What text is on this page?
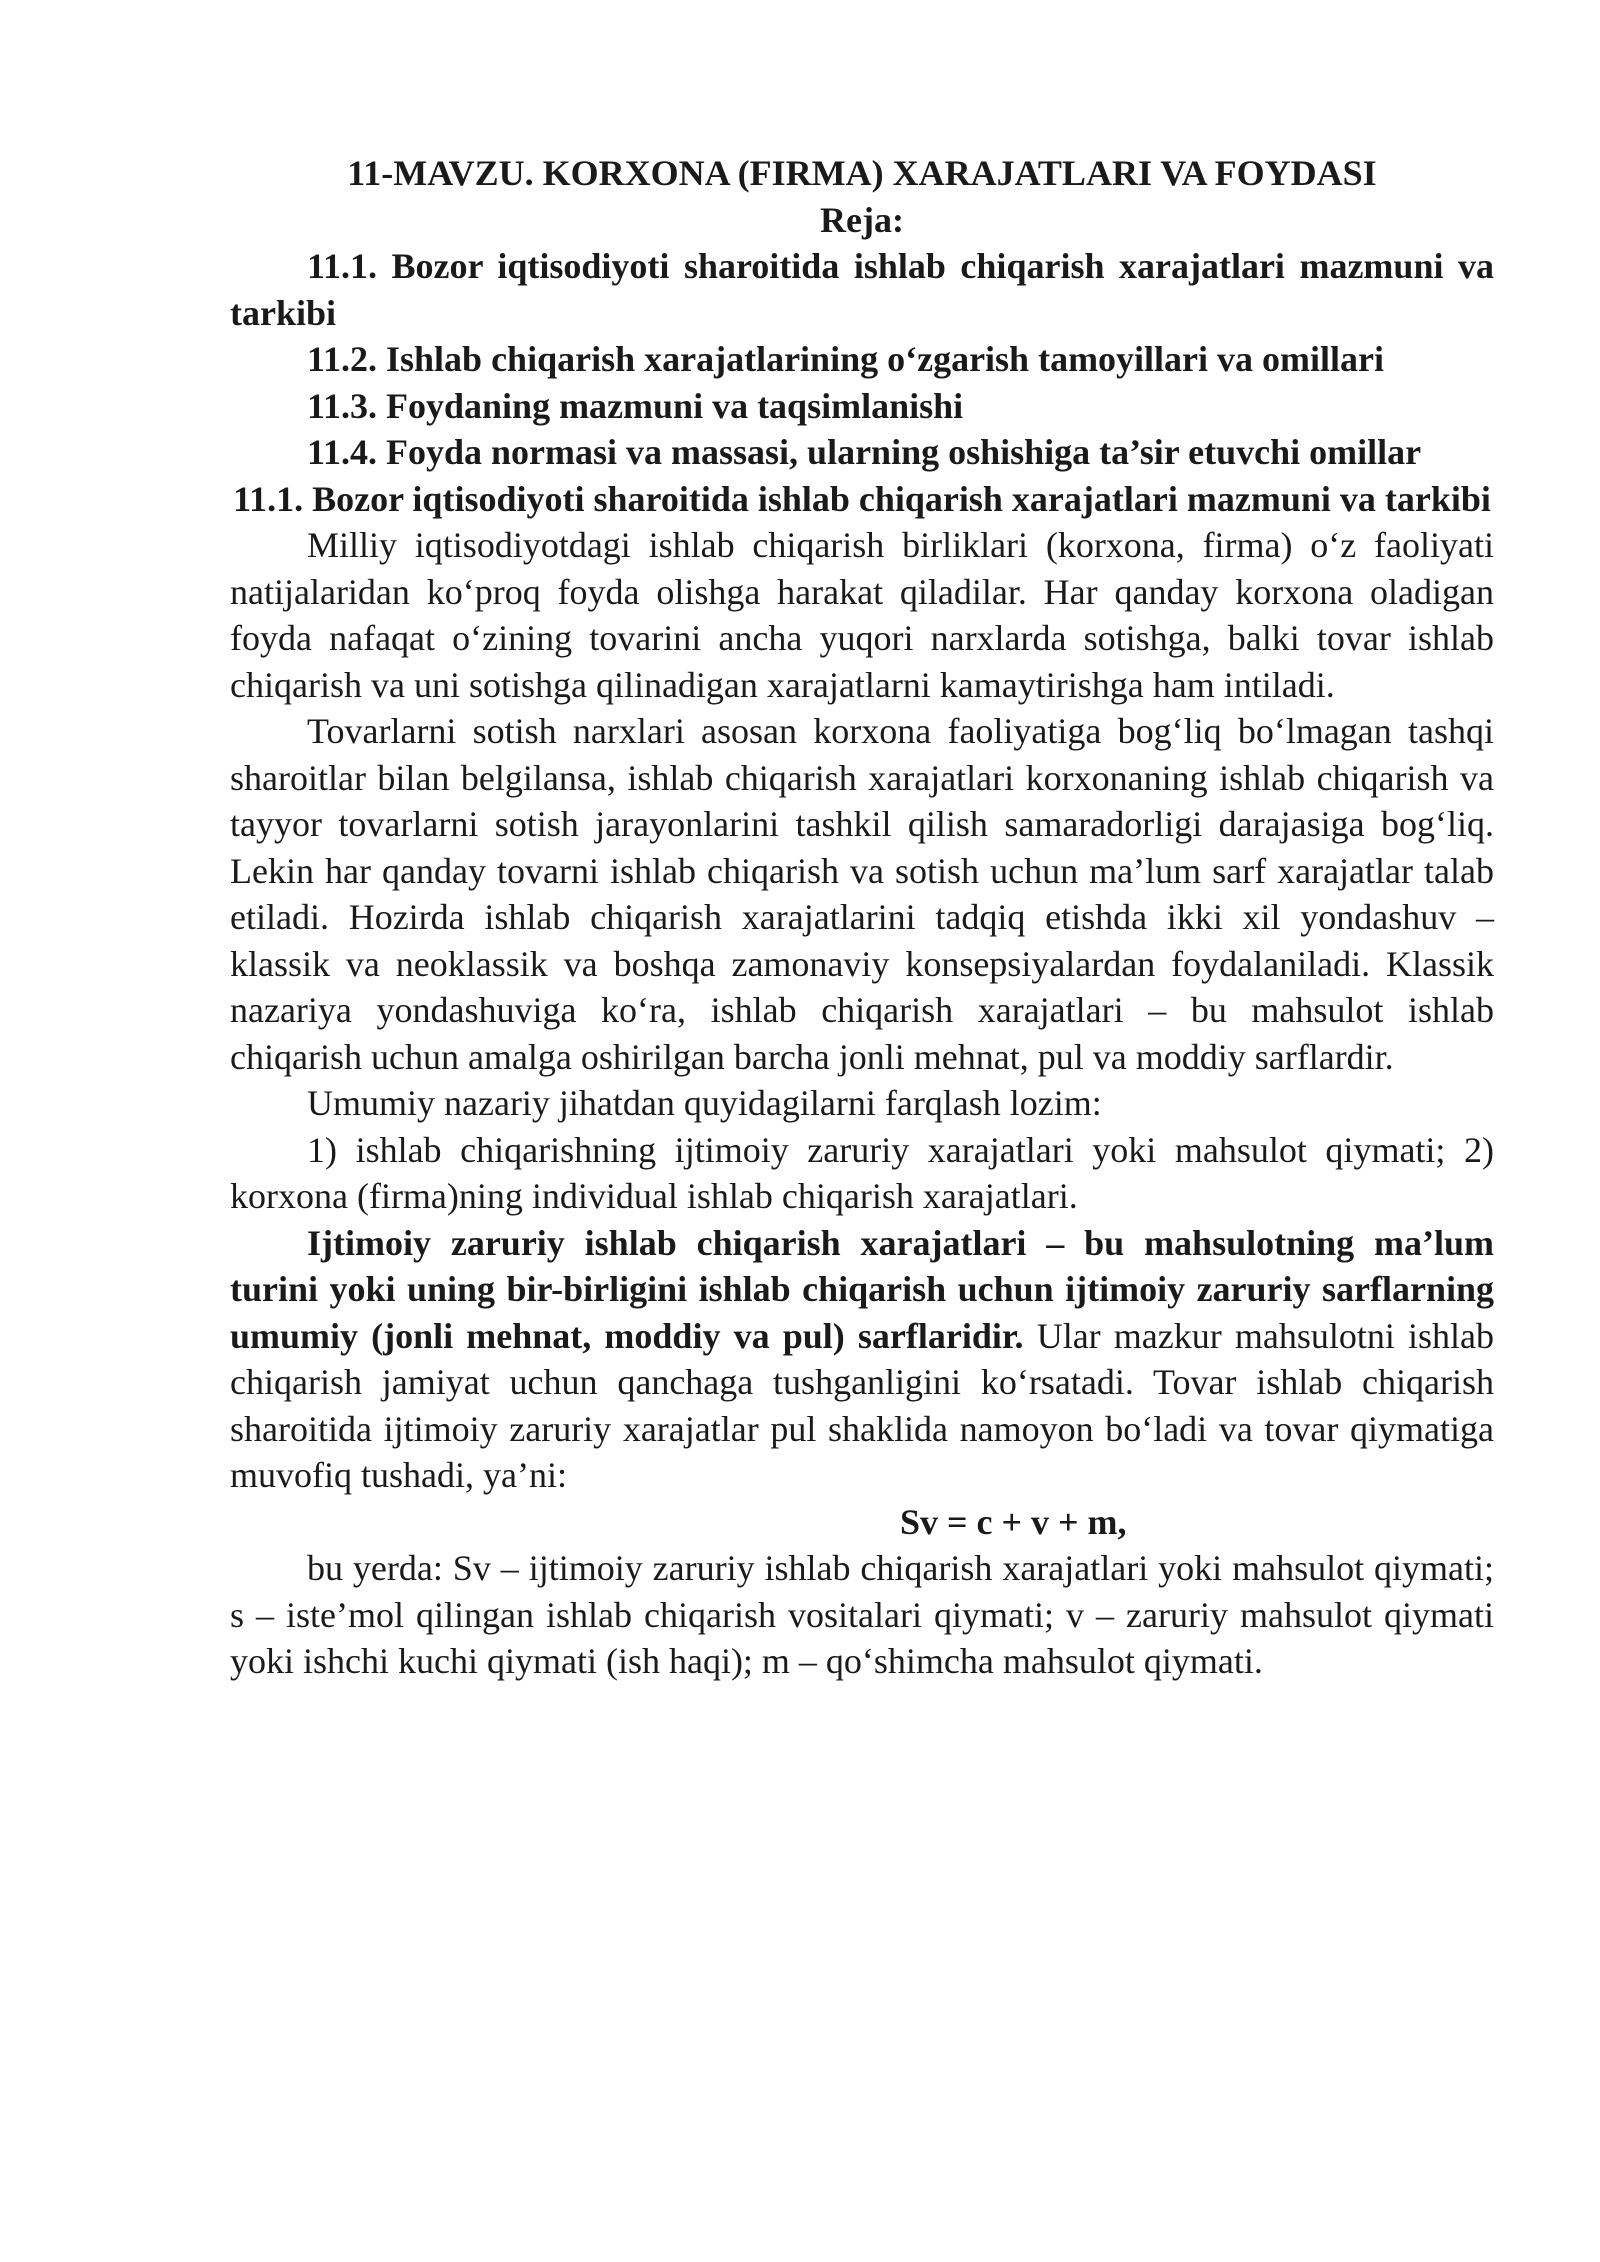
11-MAVZU. KORXONA (FIRMA) XARAJATLARI VA FOYDASI
Reja:

11.1. Bozor iqtisodiyoti sharoitida ishlab chiqarish xarajatlari mazmuni va tarkibi

11.2. Ishlab chiqarish xarajatlarining o‘zgarish tamoyillari va omillari

11.3. Foydaning mazmuni va taqsimlanishi

11.4. Foyda normasi va massasi, ularning oshishiga ta’sir etuvchi omillar

11.1. Bozor iqtisodiyoti sharoitida ishlab chiqarish xarajatlari mazmuni va tarkibi

Milliy iqtisodiyotdagi ishlab chiqarish birliklari (korxona, firma) o‘z faoliyati natijalaridan ko‘proq foyda olishga harakat qiladilar. Har qanday korxona oladigan foyda nafaqat o‘zining tovarini ancha yuqori narxlarda sotishga, balki tovar ishlab chiqarish va uni sotishga qilinadigan xarajatlarni kamaytirishga ham intiladi.

Tovarlarni sotish narxlari asosan korxona faoliyatiga bog‘liq bo‘lmagan tashqi sharoitlar bilan belgilansa, ishlab chiqarish xarajatlari korxonaning ishlab chiqarish va tayyor tovarlarni sotish jarayonlarini tashkil qilish samaradorligi darajasiga bog‘liq. Lekin har qanday tovarni ishlab chiqarish va sotish uchun ma’lum sarf xarajatlar talab etiladi. Hozirda ishlab chiqarish xarajatlarini tadqiq etishda ikki xil yondashuv – klassik va neoklassik va boshqa zamonaviy konsepsiyalardan foydalaniladi. Klassik nazariya yondashuviga ko‘ra, ishlab chiqarish xarajatlari – bu mahsulot ishlab chiqarish uchun amalga oshirilgan barcha jonli mehnat, pul va moddiy sarflardir.

Umumiy nazariy jihatdan quyidagilarni farqlash lozim:

1) ishlab chiqarishning ijtimoiy zaruriy xarajatlari yoki mahsulot qiymati; 2) korxona (firma)ning individual ishlab chiqarish xarajatlari.

Ijtimoiy zaruriy ishlab chiqarish xarajatlari – bu mahsulotning ma’lum turini yoki uning bir-birligini ishlab chiqarish uchun ijtimoiy zaruriy sarflarning umumiy (jonli mehnat, moddiy va pul) sarflaridir. Ular mazkur mahsulotni ishlab chiqarish jamiyat uchun qanchaga tushganligini ko‘rsatadi. Tovar ishlab chiqarish sharoitida ijtimoiy zaruriy xarajatlar pul shaklida namoyon bo‘ladi va tovar qiymatiga muvofiq tushadi, ya’ni:

Sv = c + v + m,

bu yerda: Sv – ijtimoiy zaruriy ishlab chiqarish xarajatlari yoki mahsulot qiymati; s – iste’mol qilingan ishlab chiqarish vositalari qiymati; v – zaruriy mahsulot qiymati yoki ishchi kuchi qiymati (ish haqi); m – qo‘shimcha mahsulot qiymati.
